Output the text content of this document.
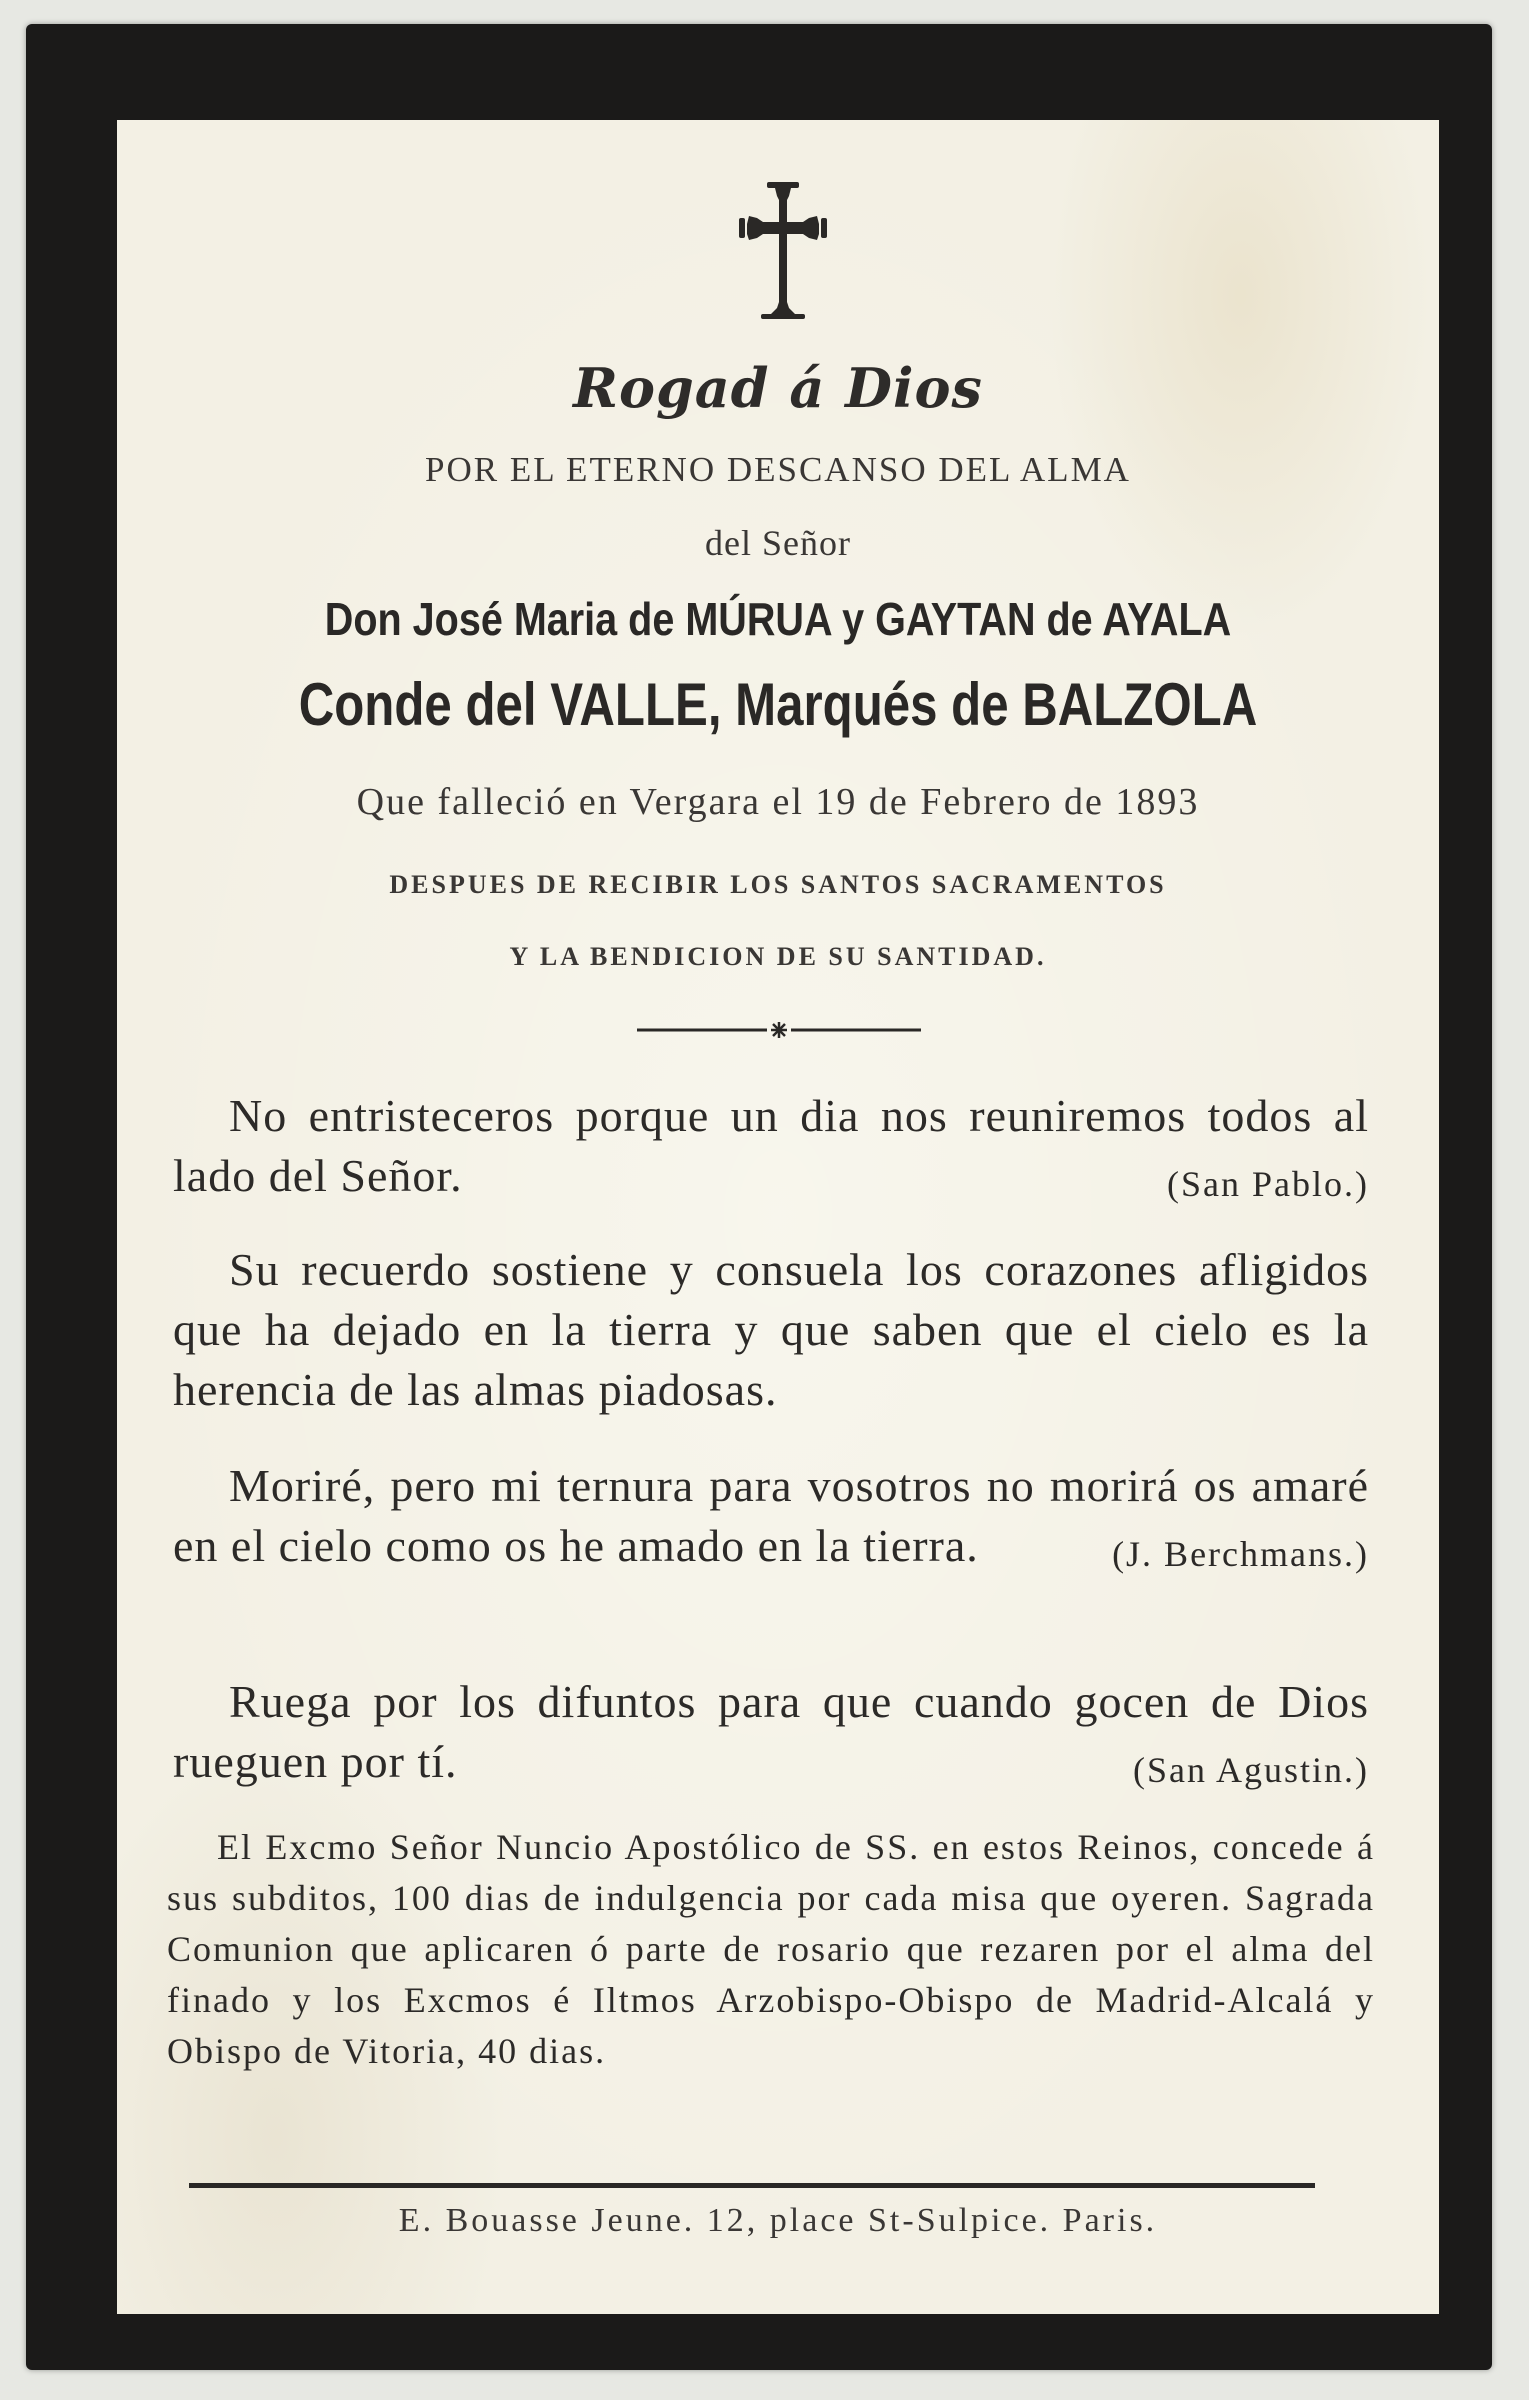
Rogad á Dios
POR EL ETERNO DESCANSO DEL ALMA
del Señor
Don José Maria de MÚRUA y GAYTAN de AYALA
Conde del VALLE, Marqués de BALZOLA
Que falleció en Vergara el 19 de Febrero de 1893
DESPUES DE RECIBIR LOS SANTOS SACRAMENTOS
Y LA BENDICION DE SU SANTIDAD.

No entristeceros porque un dia nos reuniremos todos al lado del Señor.	(San Pablo.)

Su recuerdo sostiene y consuela los corazones afligidos que ha dejado en la tierra y que saben que el cielo es la herencia de las almas piadosas.

Moriré, pero mi ternura para vosotros no morirá os amaré en el cielo como os he amado en la tierra.	(J. Berchmans.)

Ruega por los difuntos para que cuando gocen de Dios rueguen por tí.	(San Agustin.)

El Excmo Señor Nuncio Apostólico de SS. en estos Reinos, concede á sus subditos, 100 dias de indulgencia por cada misa que oyeren. Sagrada Comunion que aplicaren ó parte de rosario que rezaren por el alma del finado y los Excmos é Iltmos Arzobispo-Obispo de Madrid-Alcalá y Obispo de Vitoria, 40 dias.

E. Bouasse Jeune. 12, place St-Sulpice. Paris.
